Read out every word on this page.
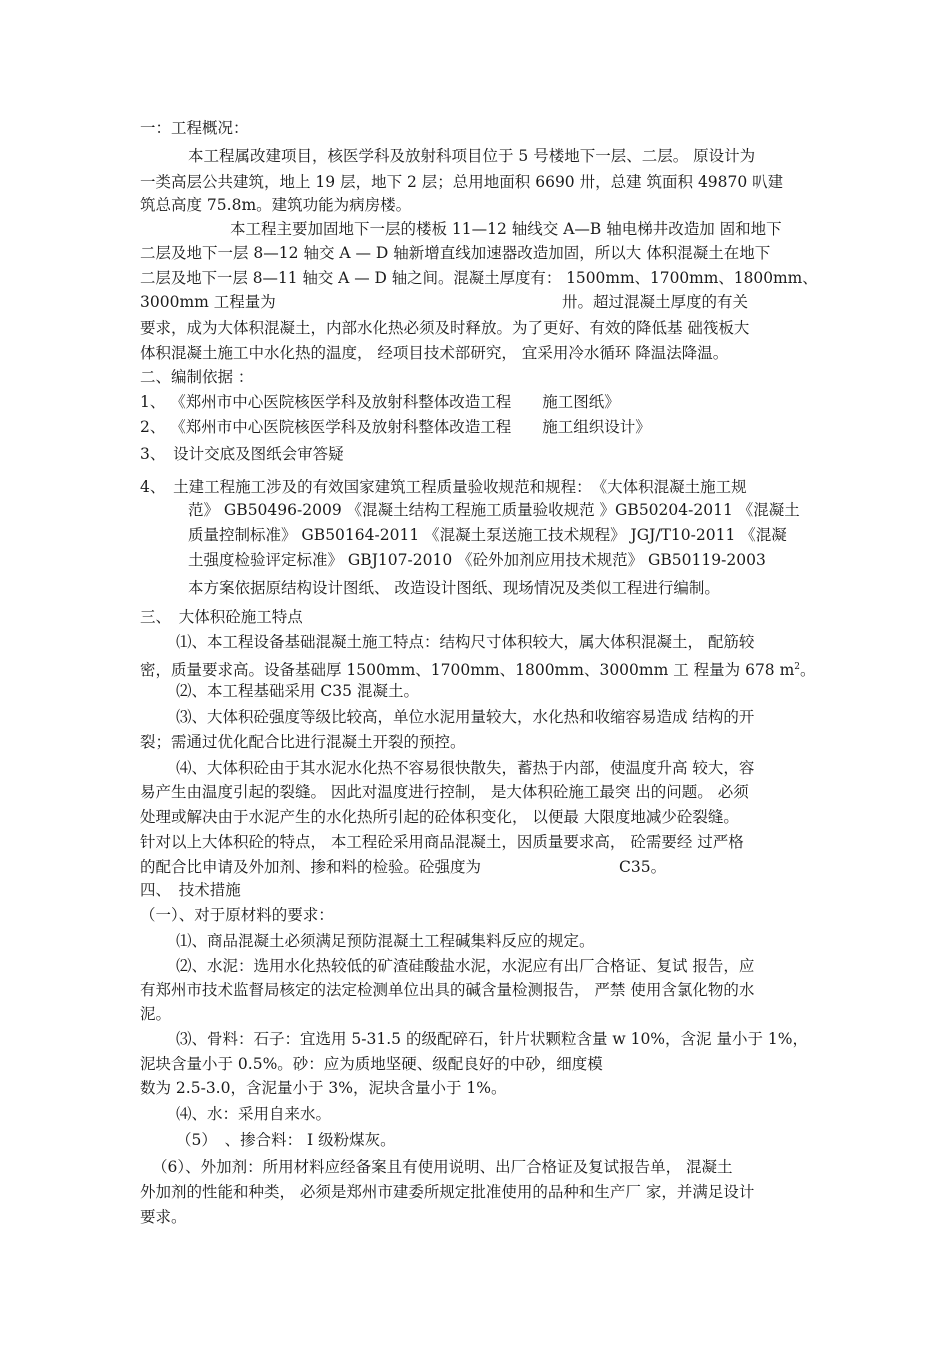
一：工程概况：
本工程属改建项目，核医学科及放射科项目位于 5 号楼地下一层、二层。 原设计为
一类高层公共建筑，地上 19 层，地下 2 层；总用地面积 6690 卅，总建 筑面积 49870 叭建
筑总高度 75.8m。建筑功能为病房楼。
本工程主要加固地下一层的楼板 11—12 轴线交 A—B 轴电梯井改造加 固和地下
二层及地下一层 8—12 轴交 A — D 轴新增直线加速器改造加固，所以大 体积混凝土在地下
二层及地下一层 8—11 轴交 A — D 轴之间。混凝土厚度有： 1500mm、1700mm、1800mm、
3000mm 工程量为	卅。超过混凝土厚度的有关
要求，成为大体积混凝土，内部水化热必须及时释放。为了更好、有效的降低基 础筏板大
体积混凝土施工中水化热的温度， 经项目技术部研究， 宜采用冷水循环 降温法降温。
二、编制依据 ：
1、 《郑州市中心医院核医学科及放射科整体改造工程　　施工图纸》
2、 《郑州市中心医院核医学科及放射科整体改造工程　　施工组织设计》
3、　设计交底及图纸会审答疑
4、　土建工程施工涉及的有效国家建筑工程质量验收规范和规程：　《大体积混凝土施工规
范》 GB50496-2009 《混凝土结构工程施工质量验收规范 》GB50204-2011 《混凝土
质量控制标准》 GB50164-2011 《混凝土泵送施工技术规程》 JGJ/T10-2011 《混凝
土强度检验评定标准》 GBJ107-2010 《砼外加剂应用技术规范》 GB50119-2003
本方案依据原结构设计图纸、 改造设计图纸、现场情况及类似工程进行编制。
三、　大体积砼施工特点
⑴、本工程设备基础混凝土施工特点：结构尺寸体积较大，属大体积混凝土， 配筋较
密，质量要求高。设备基础厚 1500mm、1700mm、1800mm、3000mm 工 程量为 678 $m^2$。
⑵、本工程基础采用 C35 混凝土。
⑶、大体积砼强度等级比较高，单位水泥用量较大，水化热和收缩容易造成 结构的开
裂；需通过优化配合比进行混凝土开裂的预控。
⑷、大体积砼由于其水泥水化热不容易很快散失，蓄热于内部，使温度升高 较大，容
易产生由温度引起的裂缝。 因此对温度进行控制， 是大体积砼施工最突 出的问题。 必须
处理或解决由于水泥产生的水化热所引起的砼体积变化， 以便最 大限度地减少砼裂缝。
针对以上大体积砼的特点， 本工程砼采用商品混凝土，因质量要求高， 砼需要经 过严格
的配合比申请及外加剂、掺和料的检验。砼强度为	C35。
四、　技术措施
（一）、对于原材料的要求：
⑴、商品混凝土必须满足预防混凝土工程碱集料反应的规定。
⑵、水泥：选用水化热较低的矿渣硅酸盐水泥，水泥应有出厂合格证、复试 报告，应
有郑州市技术监督局核定的法定检测单位出具的碱含量检测报告， 严禁 使用含氯化物的水
泥。
⑶、骨料：石子：宜选用 5-31.5 的级配碎石，针片状颗粒含量 w 10%，含泥 量小于 1%，
泥块含量小于 0.5%。砂：应为质地坚硬、级配良好的中砂，细度模
数为 2.5-3.0，含泥量小于 3%，泥块含量小于 1%。
⑷、水：采用自来水。
（5）　、掺合料： Ⅰ 级粉煤灰。
（6）、外加剂：所用材料应经备案且有使用说明、出厂合格证及复试报告单， 混凝土
外加剂的性能和种类， 必须是郑州市建委所规定批准使用的品种和生产厂 家，并满足设计
要求。
